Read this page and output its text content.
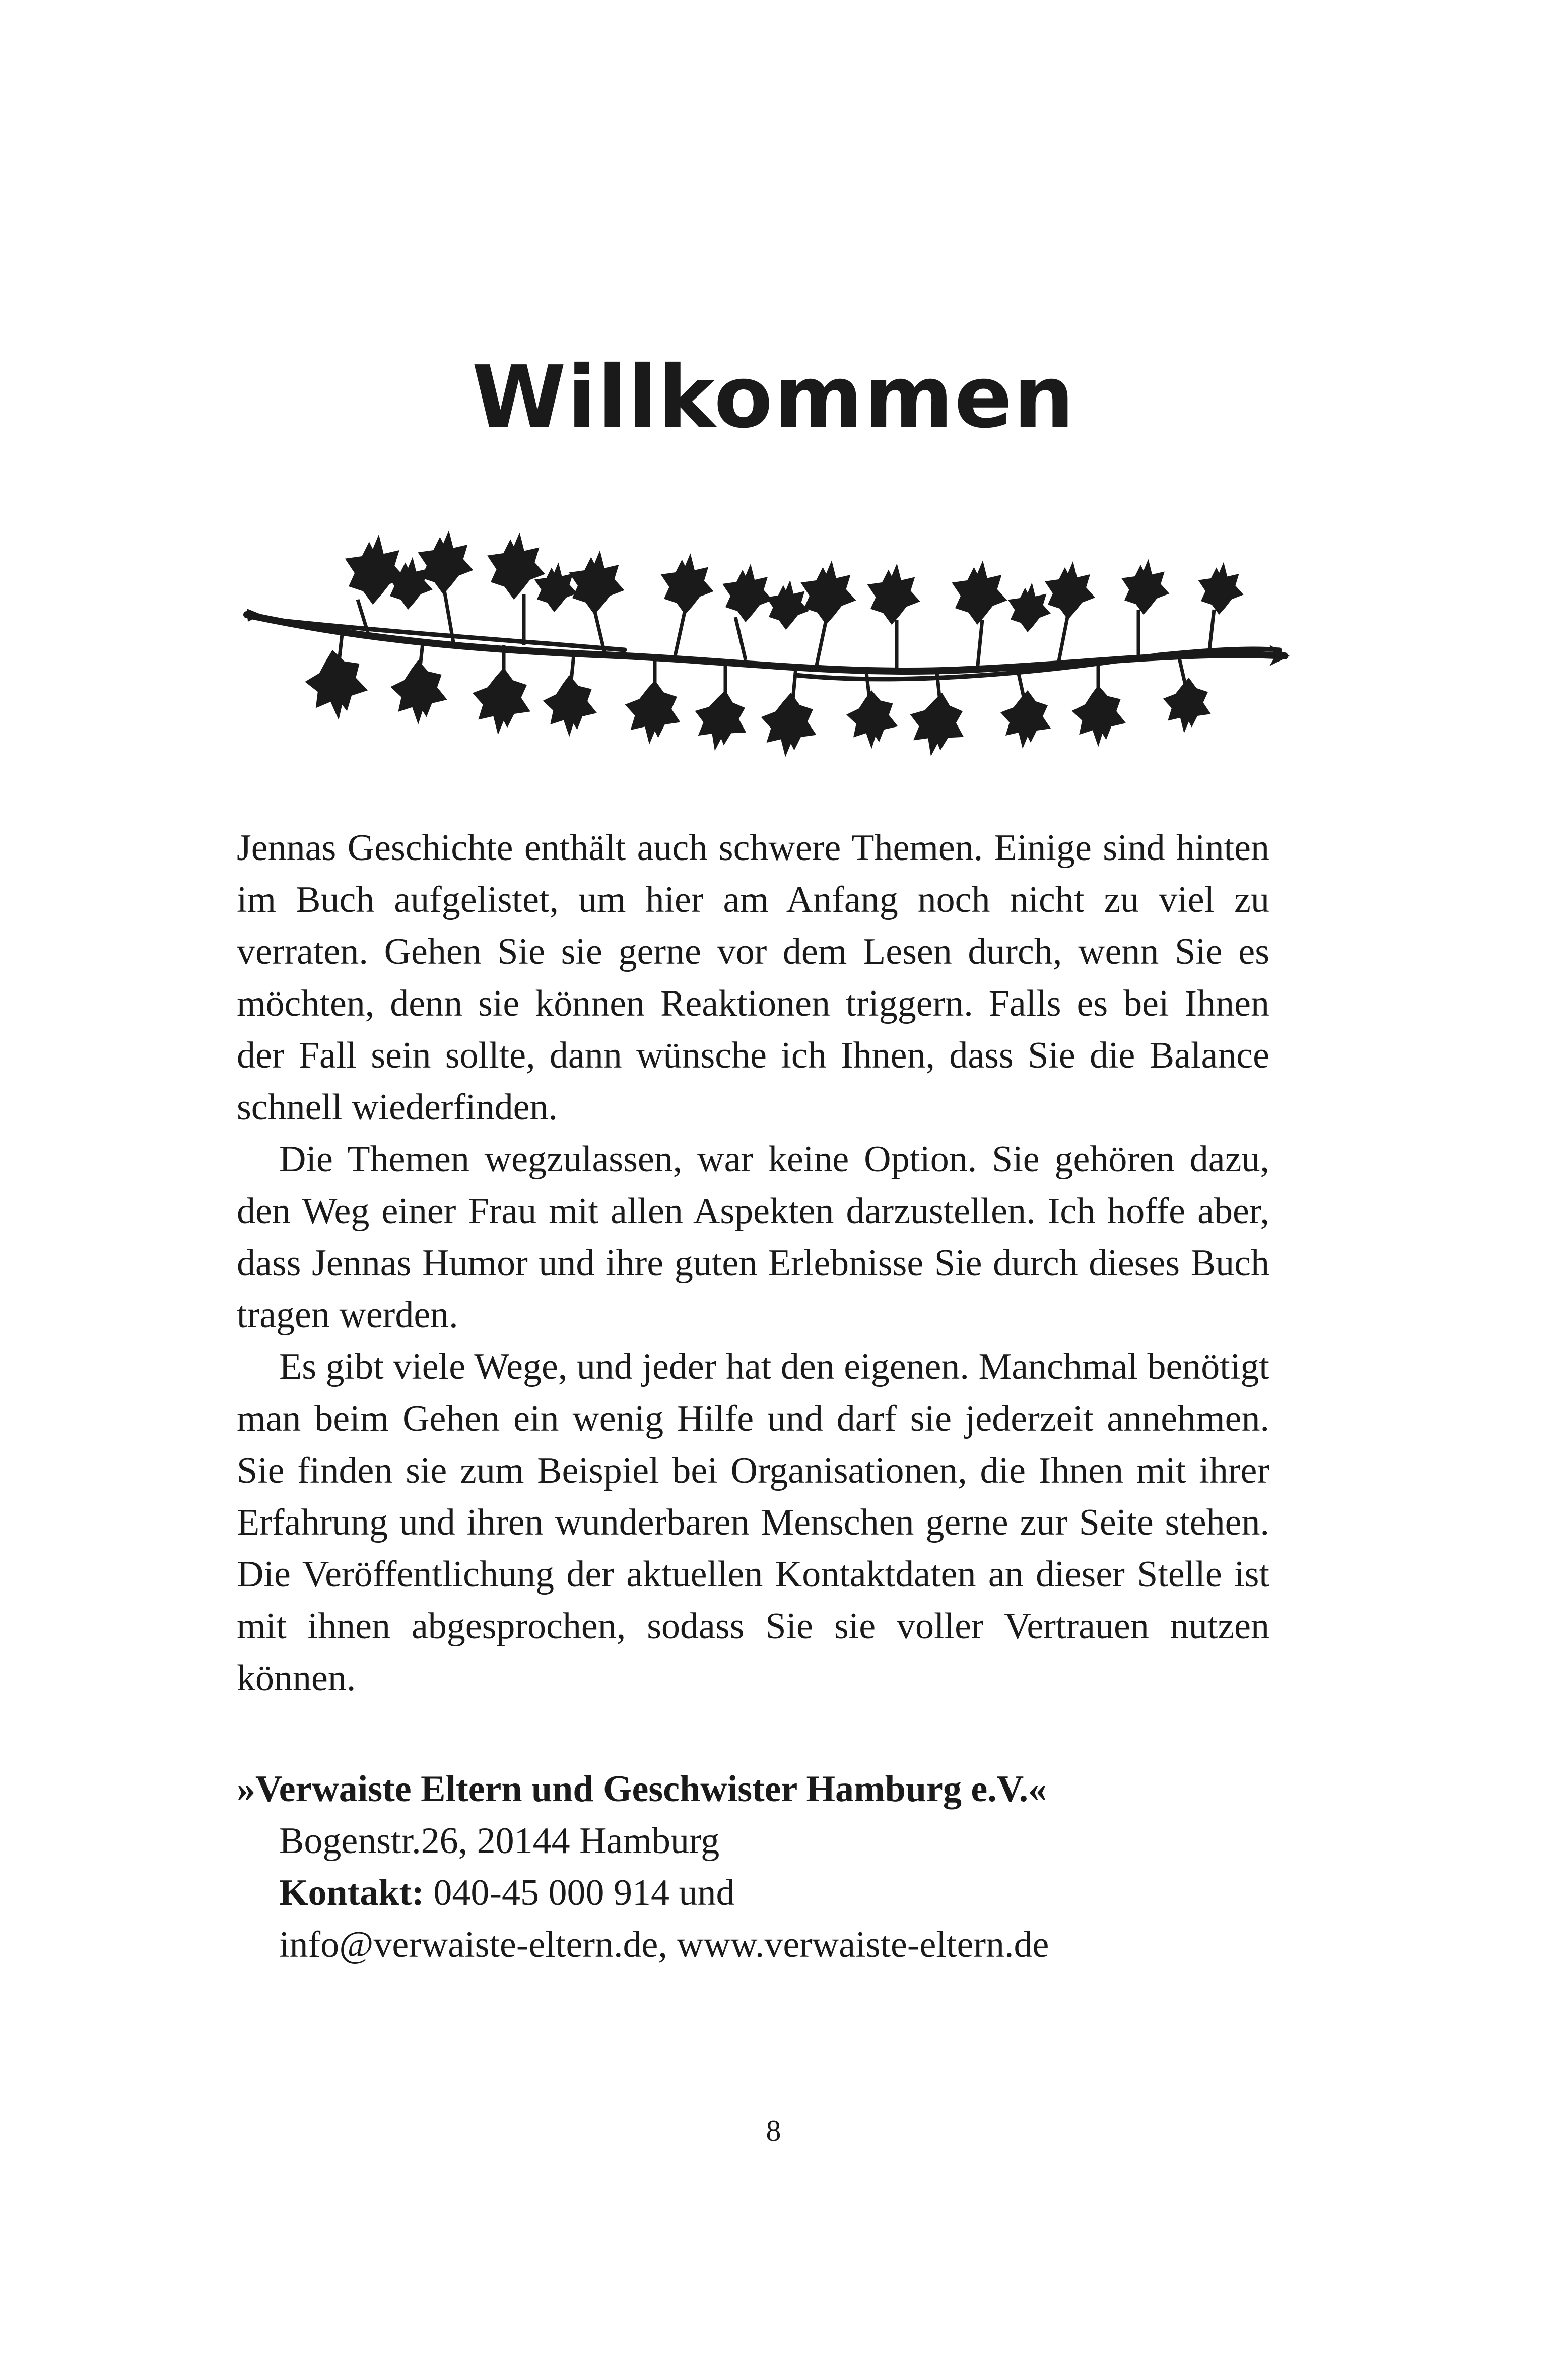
Willkommen

Jennas Geschichte enthält auch schwere Themen. Einige sind hinten im Buch aufgelistet, um hier am Anfang noch nicht zu viel zu verraten. Gehen Sie sie gerne vor dem Lesen durch, wenn Sie es möchten, denn sie können Reaktionen triggern. Falls es bei Ihnen der Fall sein sollte, dann wünsche ich Ihnen, dass Sie die Balance schnell wiederfinden.

Die Themen wegzulassen, war keine Option. Sie gehören dazu, den Weg einer Frau mit allen Aspekten darzustellen. Ich hoffe aber, dass Jennas Humor und ihre guten Erlebnisse Sie durch dieses Buch tragen werden.

Es gibt viele Wege, und jeder hat den eigenen. Manchmal benötigt man beim Gehen ein wenig Hilfe und darf sie jederzeit annehmen. Sie finden sie zum Beispiel bei Organisationen, die Ihnen mit ihrer Erfahrung und ihren wunderbaren Menschen gerne zur Seite stehen. Die Veröffentlichung der aktuellen Kontaktdaten an dieser Stelle ist mit ihnen abgesprochen, sodass Sie sie voller Vertrauen nutzen können.

»Verwaiste Eltern und Geschwister Hamburg e.V.«
Bogenstr.26, 20144 Hamburg
Kontakt: 040-45 000 914 und
info@verwaiste-eltern.de, www.verwaiste-eltern.de
8
